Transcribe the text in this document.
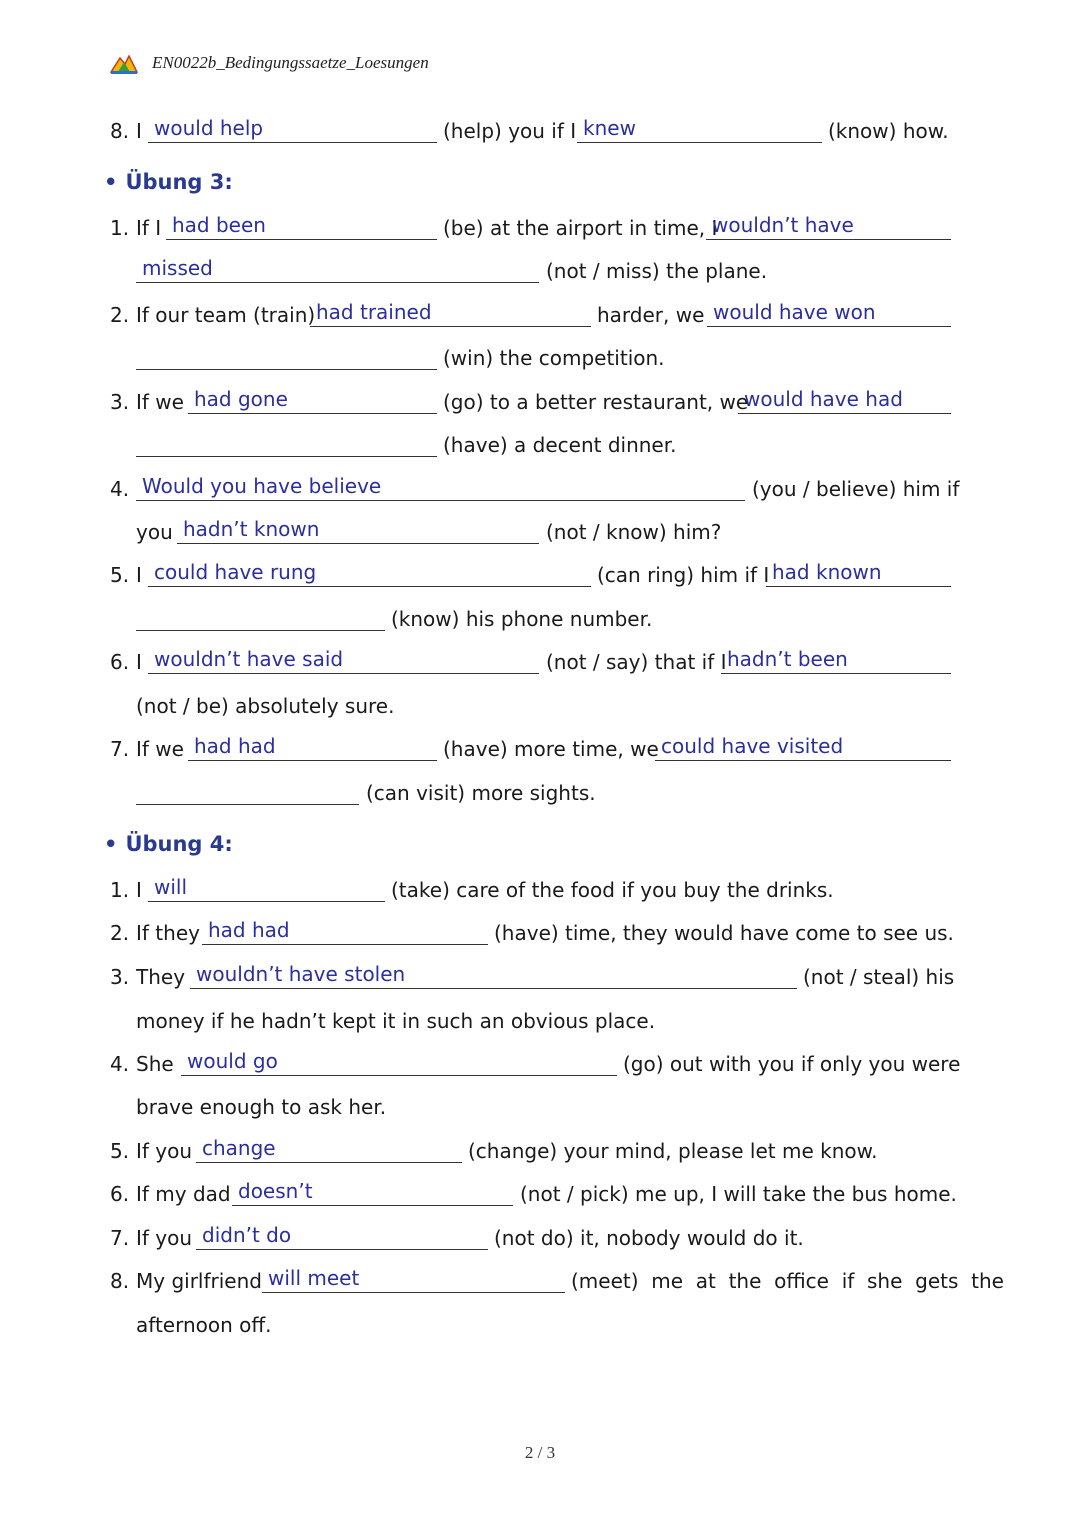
EN0022b_Bedingungssaetze_Loesungen
8. I would help	(help) you if I knew	(know) how.
• Übung 3:
1. If I had been	(be) at the airport in time, I
wouldn’t have
missed	(not / miss) the plane.
2. If our team (train) had trained	harder, we would have won
(win) the competition.
3. If we had gone	(go) to a better restaurant, we
would have had
(have) a decent dinner.
4. Would you have believe	(you / believe) him if
you hadn’t known	(not / know) him?
5. I could have rung	(can ring) him if I had known
(know) his phone number.
6. I wouldn’t have said	(not / say) that if I hadn’t been
(not / be) absolutely sure.
7. If we had had	(have) more time, we could have visited
(can visit) more sights.
• Übung 4:
1. I will	(take) care of the food if you buy the drinks.
2. If they had had	(have) time, they would have come to see us.
3. They wouldn’t have stolen	(not / steal) his
money if he hadn’t kept it in such an obvious place.
4. She would go	(go) out with you if only you were
brave enough to ask her.
5. If you change	(change) your mind, please let me know.
6. If my dad doesn’t	(not / pick) me up, I will take the bus home.
7. If you didn’t do	(not do) it, nobody would do it.
8. My girlfriend will meet	(meet)  me  at  the  office  if  she  gets  the
afternoon off.
2 / 3
